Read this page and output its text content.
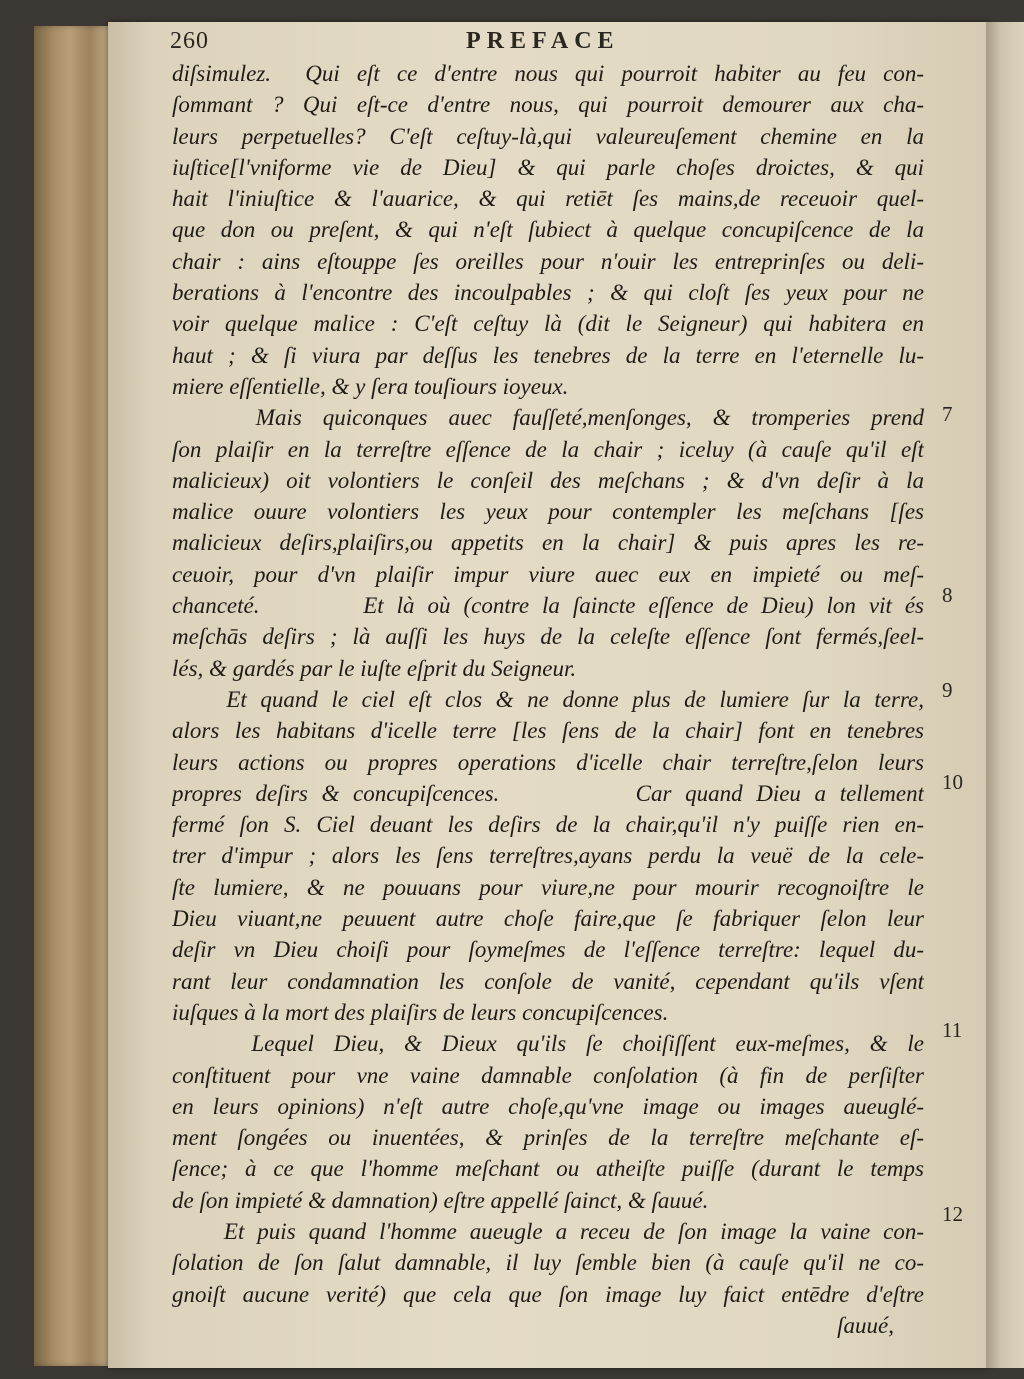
260	PREFACE
diſsimulez.  Qui eſt ce d'entre nous qui pourroit habiter au feu con-
ſommant ? Qui eſt-ce d'entre nous, qui pourroit demourer aux cha-
leurs perpetuelles? C'eſt ceſtuy-là,qui valeureuſement chemine en la
iuſtice[l'vniforme vie de Dieu] & qui parle choſes droictes, & qui
hait l'iniuſtice & l'auarice, & qui retiēt ſes mains,de receuoir quel-
que don ou preſent, & qui n'eſt ſubiect à quelque concupiſcence de la
chair : ains eſtouppe ſes oreilles pour n'ouir les entreprinſes ou deli-
berations à l'encontre des incoulpables ; & qui cloſt ſes yeux pour ne
voir quelque malice : C'eſt ceſtuy là (dit le Seigneur) qui habitera en
haut ; & ſi viura par deſſus les tenebres de la terre en l'eternelle lu-
miere eſſentielle, & y ſera touſiours ioyeux.
Mais quiconques auec fauſſeté,menſonges, & tromperies prend
ſon plaiſir en la terreſtre eſſence de la chair ; iceluy (à cauſe qu'il eſt
malicieux) oit volontiers le conſeil des meſchans ; & d'vn deſir à la
malice ouure volontiers les yeux pour contempler les meſchans [ſes
malicieux deſirs,plaiſirs,ou appetits en la chair] & puis apres les re-
ceuoir, pour d'vn plaiſir impur viure auec eux en impieté ou meſ-
chanceté.        Et là où (contre la ſaincte eſſence de Dieu) lon vit és
meſchās deſirs ; là auſſi les huys de la celeſte eſſence ſont fermés,ſeel-
lés, & gardés par le iuſte eſprit du Seigneur.
Et quand le ciel eſt clos & ne donne plus de lumiere ſur la terre,
alors les habitans d'icelle terre [les ſens de la chair] font en tenebres
leurs actions ou propres operations d'icelle chair terreſtre,ſelon leurs
propres deſirs & concupiſcences.          Car quand Dieu a tellement
fermé ſon S. Ciel deuant les deſirs de la chair,qu'il n'y puiſſe rien en-
trer d'impur ; alors les ſens terreſtres,ayans perdu la veuë de la cele-
ſte lumiere, & ne pouuans pour viure,ne pour mourir recognoiſtre le
Dieu viuant,ne peuuent autre choſe faire,que ſe fabriquer ſelon leur
deſir vn Dieu choiſi pour ſoymeſmes de l'eſſence terreſtre: lequel du-
rant leur condamnation les conſole de vanité, cependant qu'ils vſent
iuſques à la mort des plaiſirs de leurs concupiſcences.
Lequel Dieu, & Dieux qu'ils ſe choiſiſſent eux-meſmes, & le
conſtituent pour vne vaine damnable conſolation (à fin de perſiſter
en leurs opinions) n'eſt autre choſe,qu'vne image ou images aueuglé-
ment ſongées ou inuentées, & prinſes de la terreſtre meſchante eſ-
ſence; à ce que l'homme meſchant ou atheiſte puiſſe (durant le temps
de ſon impieté & damnation) eſtre appellé ſainct, & ſauué.
Et puis quand l'homme aueugle a receu de ſon image la vaine con-
ſolation de ſon ſalut damnable, il luy ſemble bien (à cauſe qu'il ne co-
gnoiſt aucune verité) que cela que ſon image luy faict entēdre d'eſtre
ſauué,
7
8
9
10
11
12
